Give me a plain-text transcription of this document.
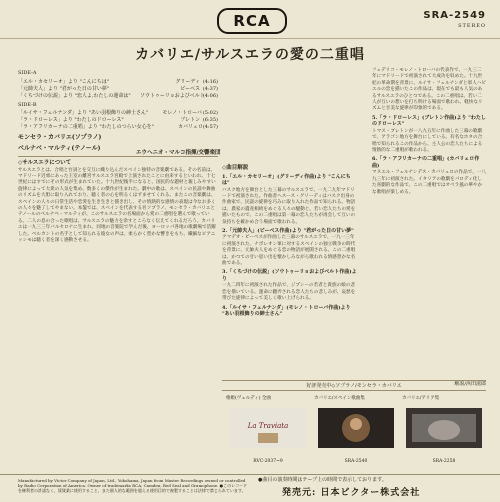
RCA	SRA-2549
STEREO
カバリエ/サルスエラの愛の二重唱
SIDE-A
「エル・カセリーオ」より "こんにちは"	グリーディ (4:16)
「元帥夫人」より "君がった日の甘い夢"	ビーベス (4:37)
「くちづけの伝説」より "恋人よ,わたしの運命は"	ソウトゥーリョおよびベルト
(4:06)
SIDE-B
「ルイサ・フェルナンダ」より "あい羽根飾りの紳士さん"	モレノ・トローバ (5:02)
「ラ・ドローレス」より "わたしのドローレス"	ブレトン (6:35)
「ラ・アフリカーナの二重唱」より "わたしのつらい女心を"	カバリェロ (4:57)
モンセラ・カバリエ(ソプラノ)
ベルナベ・マルティ(テノール)
◇サルスエラについて
サルスエラとは、合唱と台詞とを交互に織り込んだスペイン独特の音楽劇である。その名前は、マドリード近郊にあった王室の離宮サルスエラ宮殿で上演されたことに由来するといわれ、十七世紀にはすでにその形式が生まれていた。十九世紀後半になると、国民的な題材と親しみやすい旋律によって大衆の人気を集め、数多くの傑作が生まれた。劇中の歌は、スペインの民謡や舞曲のリズムを大胆に取り入れており、聴く者の心を明るくはずませてくれる。またこの音楽劇は、スペインの人々の日常生活や恋愛を生き生きと描き出し、その情熱的な感情の表現は今なお多くの人々を魅了してやまない。本盤では、スペインを代表する名ソプラノ、モンセラ・カバリエとテノールのベルナベ・マルティが、このサルスエラの名場面から愛の二重唱を選んで歌っている。二人の息の合った歌唱は、サルスエラの魅力を余すところなく伝えてくれるだろう。カバリエは一九三三年バルセロナに生まれ、同地の音楽院で学んだ後、ヨーロッパ各地の歌劇場で活躍した。ベルカントの名手として知られる彼女の声は、柔らかく豊かな響きをもち、繊細なピアニッシモは聴く者を深く感動させる。
エウヘニオ・マルコ指揮/交響楽団
◇曲目解説
1.「エル・カセリーオ」(グリーディ作曲)より "こんにちは"
バスク地方を舞台とした三幕のサルスエラで、一九二九年マドリードで初演された。作曲者ヘスース・グリーディはバスク出身の作曲家で、民謡の旋律を巧みに取り入れた作品で知られる。物語は、農家の遺産相続をめぐる人々の騒動と、若い恋人たちの愛を描いたもので、この二重唱は第一幕の恋人たちが再会して互いの気持ちを確かめ合う場面で歌われる。
2.「元帥夫人」(ビーベス作曲)より "君がった日の甘い夢"
アマデオ・ビーベスが作曲した三幕のサルスエラで、一九一三年に初演された。ナポレオン軍に対するスペインの独立戦争の時代を背景に、元帥夫人をめぐる恋の物語が展開される。この二重唱は、かつての甘い思い出を懐かしみながら歌われる情感豊かな名曲である。
3.「くちづけの伝説」(ソウトゥーリョおよびベルト作曲)より
一九二四年に初演された作品で、ジプシーの若者と貴族の娘の悲恋を描いている。運命に翻弄される恋人たちの悲しみが、哀愁を帯びた旋律によって美しく歌い上げられる。
4.「ルイサ・フェルナンダ」(モレノ・トローバ作曲)より "あい羽根飾りの紳士さん"
フェデリコ・モレノ・トローバの代表作で、一九三二年にマドリードで初演されて大成功を収めた。十九世紀の革命期を背景に、ルイサ・フェルナンダと軍人ハビエルの恋を描いたこの作品は、現在でも最も人気のあるサルスエラのひとつである。この二重唱は、若い二人が互いの想いを打ち明ける場面で歌われ、軽快なリズムと甘美な旋律が印象的である。
5.「ラ・ドローレス」(ブレトン作曲)より "わたしのドローレス"
トマス・ブレトンが一八九五年に作曲した三幕の歌劇で、アラゴン地方を舞台にしている。有名なホタの合唱で知られるこの作品から、主人公の恋人たちによる情熱的な二重唱が歌われる。
6.「ラ・アフリカーナの二重唱」(カバリェロ作曲)
マヌエル・フェルナンデス・カバリェロの作品で、一八九三年に初演された。イタリアの歌劇をパロディ化した喜劇的な作品で、この二重唱ではオペラ風の華やかな歌唱が楽しめる。
解説/浜田滋郎
好評発売中◇ソプラノ/モンセラ・カバリエ
椿姫(ヴェルディ) 全曲
La Traviata
RVC-2037~9
カバリエ/スペイン歌曲集
SRA-2540
カバリエ/アリア集
SRA-2258
Manufactured by Victor Company of Japan, Ltd., Yokohama, Japan from Master Recordings owned or controlled by Radio Corporation of America. Owner of trademarks RCA, Camden, Red Seal and Gramophone. ●このレコードを権利者の許諾なく、賃貸業に使用すること、また個人的な範囲を超える使用目的で複製することは法律で禁じられています。
●曲目の演奏時間はテープ上の時間で表示しております。
発売元: 日本ビクター株式会社
